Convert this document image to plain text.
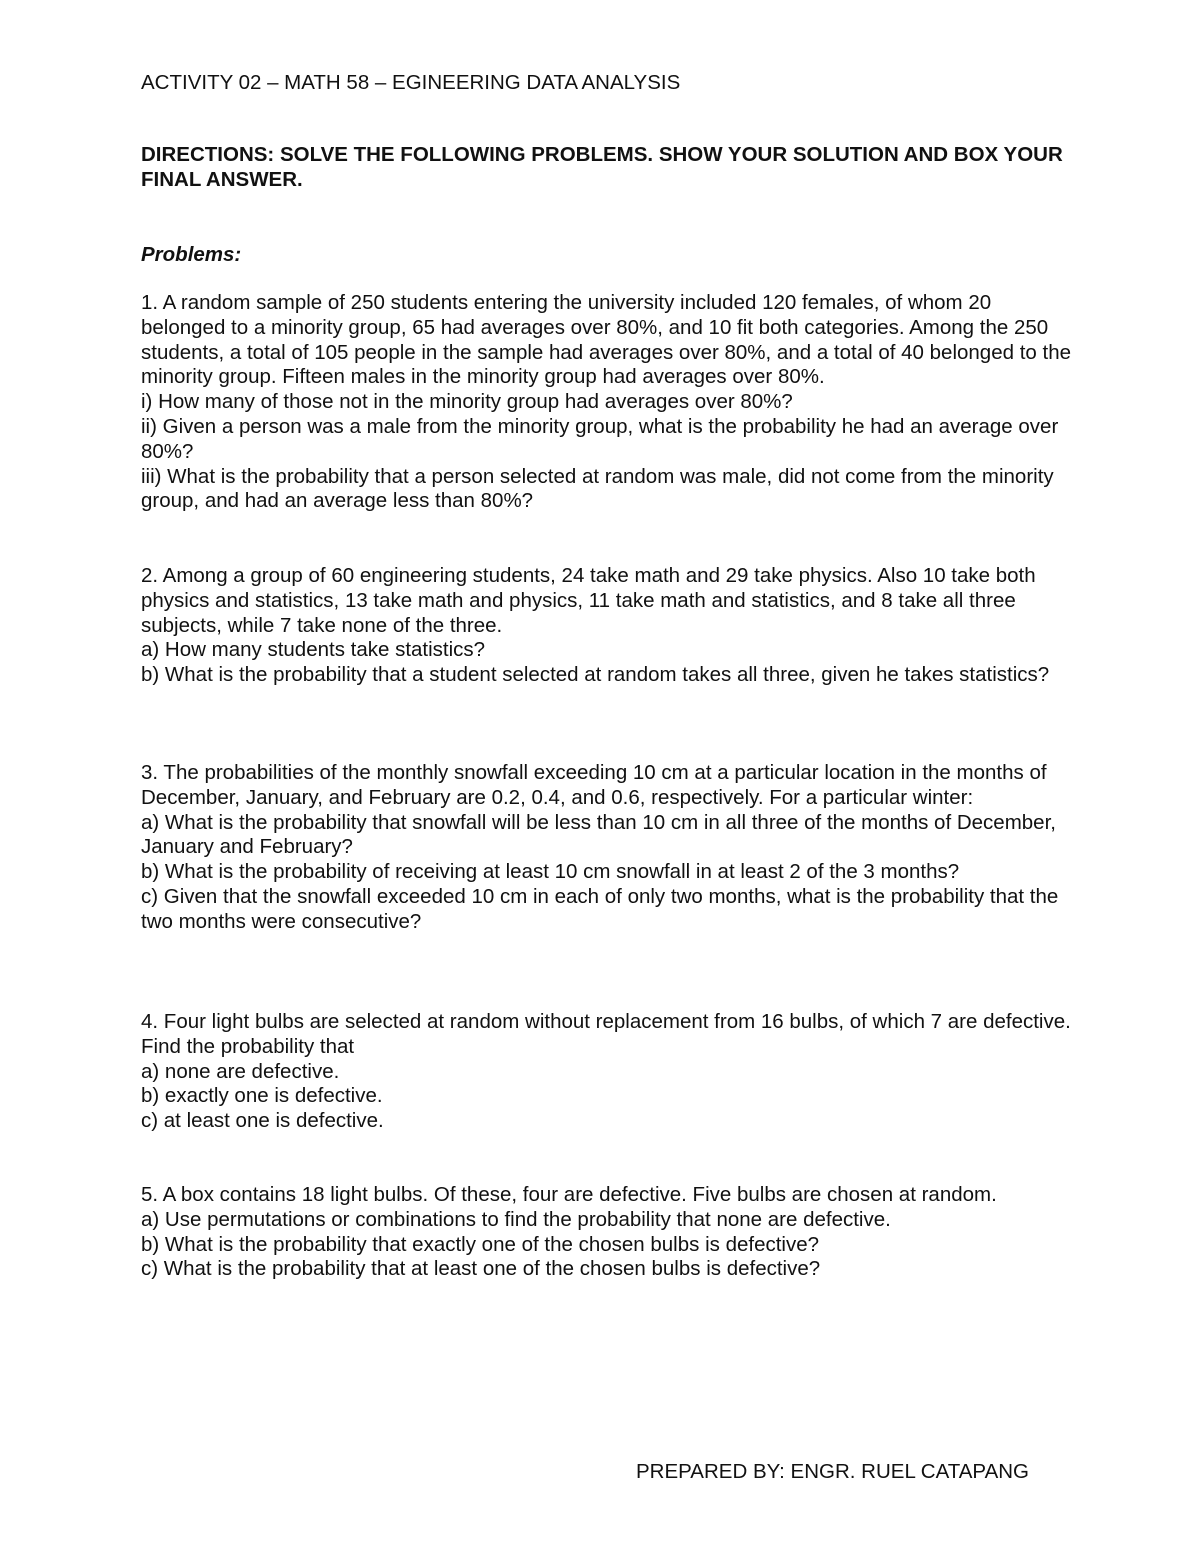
ACTIVITY 02 – MATH 58 – EGINEERING DATA ANALYSIS

DIRECTIONS: SOLVE THE FOLLOWING PROBLEMS. SHOW YOUR SOLUTION AND BOX YOUR FINAL ANSWER.

Problems:

1. A random sample of 250 students entering the university included 120 females, of whom 20 belonged to a minority group, 65 had averages over 80%, and 10 fit both categories. Among the 250 students, a total of 105 people in the sample had averages over 80%, and a total of 40 belonged to the minority group. Fifteen males in the minority group had averages over 80%.

i) How many of those not in the minority group had averages over 80%?

ii) Given a person was a male from the minority group, what is the probability he had an average over 80%?

iii) What is the probability that a person selected at random was male, did not come from the minority group, and had an average less than 80%?

2. Among a group of 60 engineering students, 24 take math and 29 take physics. Also 10 take both physics and statistics, 13 take math and physics, 11 take math and statistics, and 8 take all three subjects, while 7 take none of the three.

a) How many students take statistics?

b) What is the probability that a student selected at random takes all three, given he takes statistics?

3. The probabilities of the monthly snowfall exceeding 10 cm at a particular location in the months of December, January, and February are 0.2, 0.4, and 0.6, respectively. For a particular winter:

a) What is the probability that snowfall will be less than 10 cm in all three of the months of December, January and February?

b) What is the probability of receiving at least 10 cm snowfall in at least 2 of the 3 months?

c) Given that the snowfall exceeded 10 cm in each of only two months, what is the probability that the two months were consecutive?

4. Four light bulbs are selected at random without replacement from 16 bulbs, of which 7 are defective. Find the probability that

a) none are defective.

b) exactly one is defective.

c) at least one is defective.

5. A box contains 18 light bulbs. Of these, four are defective. Five bulbs are chosen at random.

a) Use permutations or combinations to find the probability that none are defective.

b) What is the probability that exactly one of the chosen bulbs is defective?

c) What is the probability that at least one of the chosen bulbs is defective?

PREPARED BY: ENGR. RUEL CATAPANG
